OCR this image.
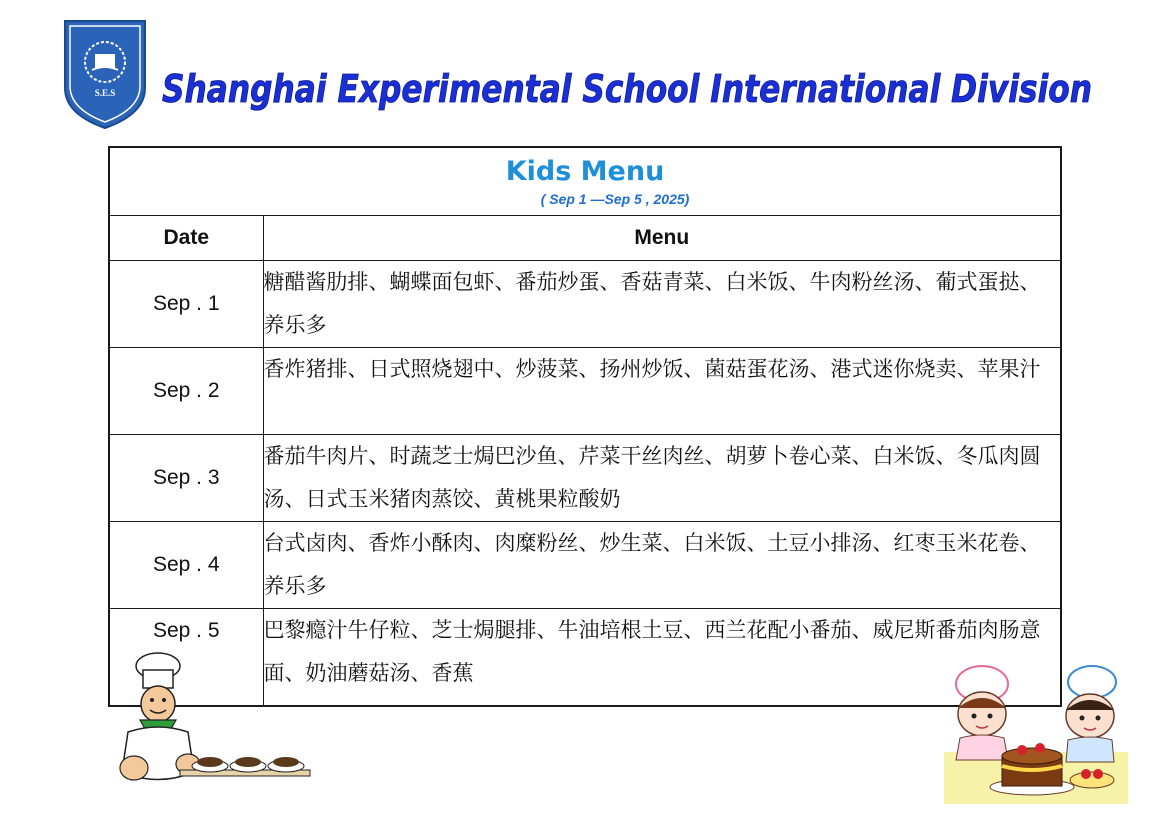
S.E.S Shanghai Experimental School International Division
Kids Menu
( Sep 1 —Sep 5 , 2025)	

Date	Menu
Sep . 1	糖醋酱肋排、蝴蝶面包虾、番茄炒蛋、香菇青菜、白米饭、牛肉粉丝汤、葡式蛋挞、养乐多
Sep . 2	香炸猪排、日式照烧翅中、炒菠菜、扬州炒饭、菌菇蛋花汤、港式迷你烧卖、苹果汁
Sep . 3	番茄牛肉片、时蔬芝士焗巴沙鱼、芹菜干丝肉丝、胡萝卜卷心菜、白米饭、冬瓜肉圆汤、日式玉米猪肉蒸饺、黄桃果粒酸奶
Sep . 4	台式卤肉、香炸小酥肉、肉糜粉丝、炒生菜、白米饭、土豆小排汤、红枣玉米花卷、养乐多
Sep . 5	巴黎瘾汁牛仔粒、芝士焗腿排、牛油培根土豆、西兰花配小番茄、威尼斯番茄肉肠意面、奶油蘑菇汤、香蕉
